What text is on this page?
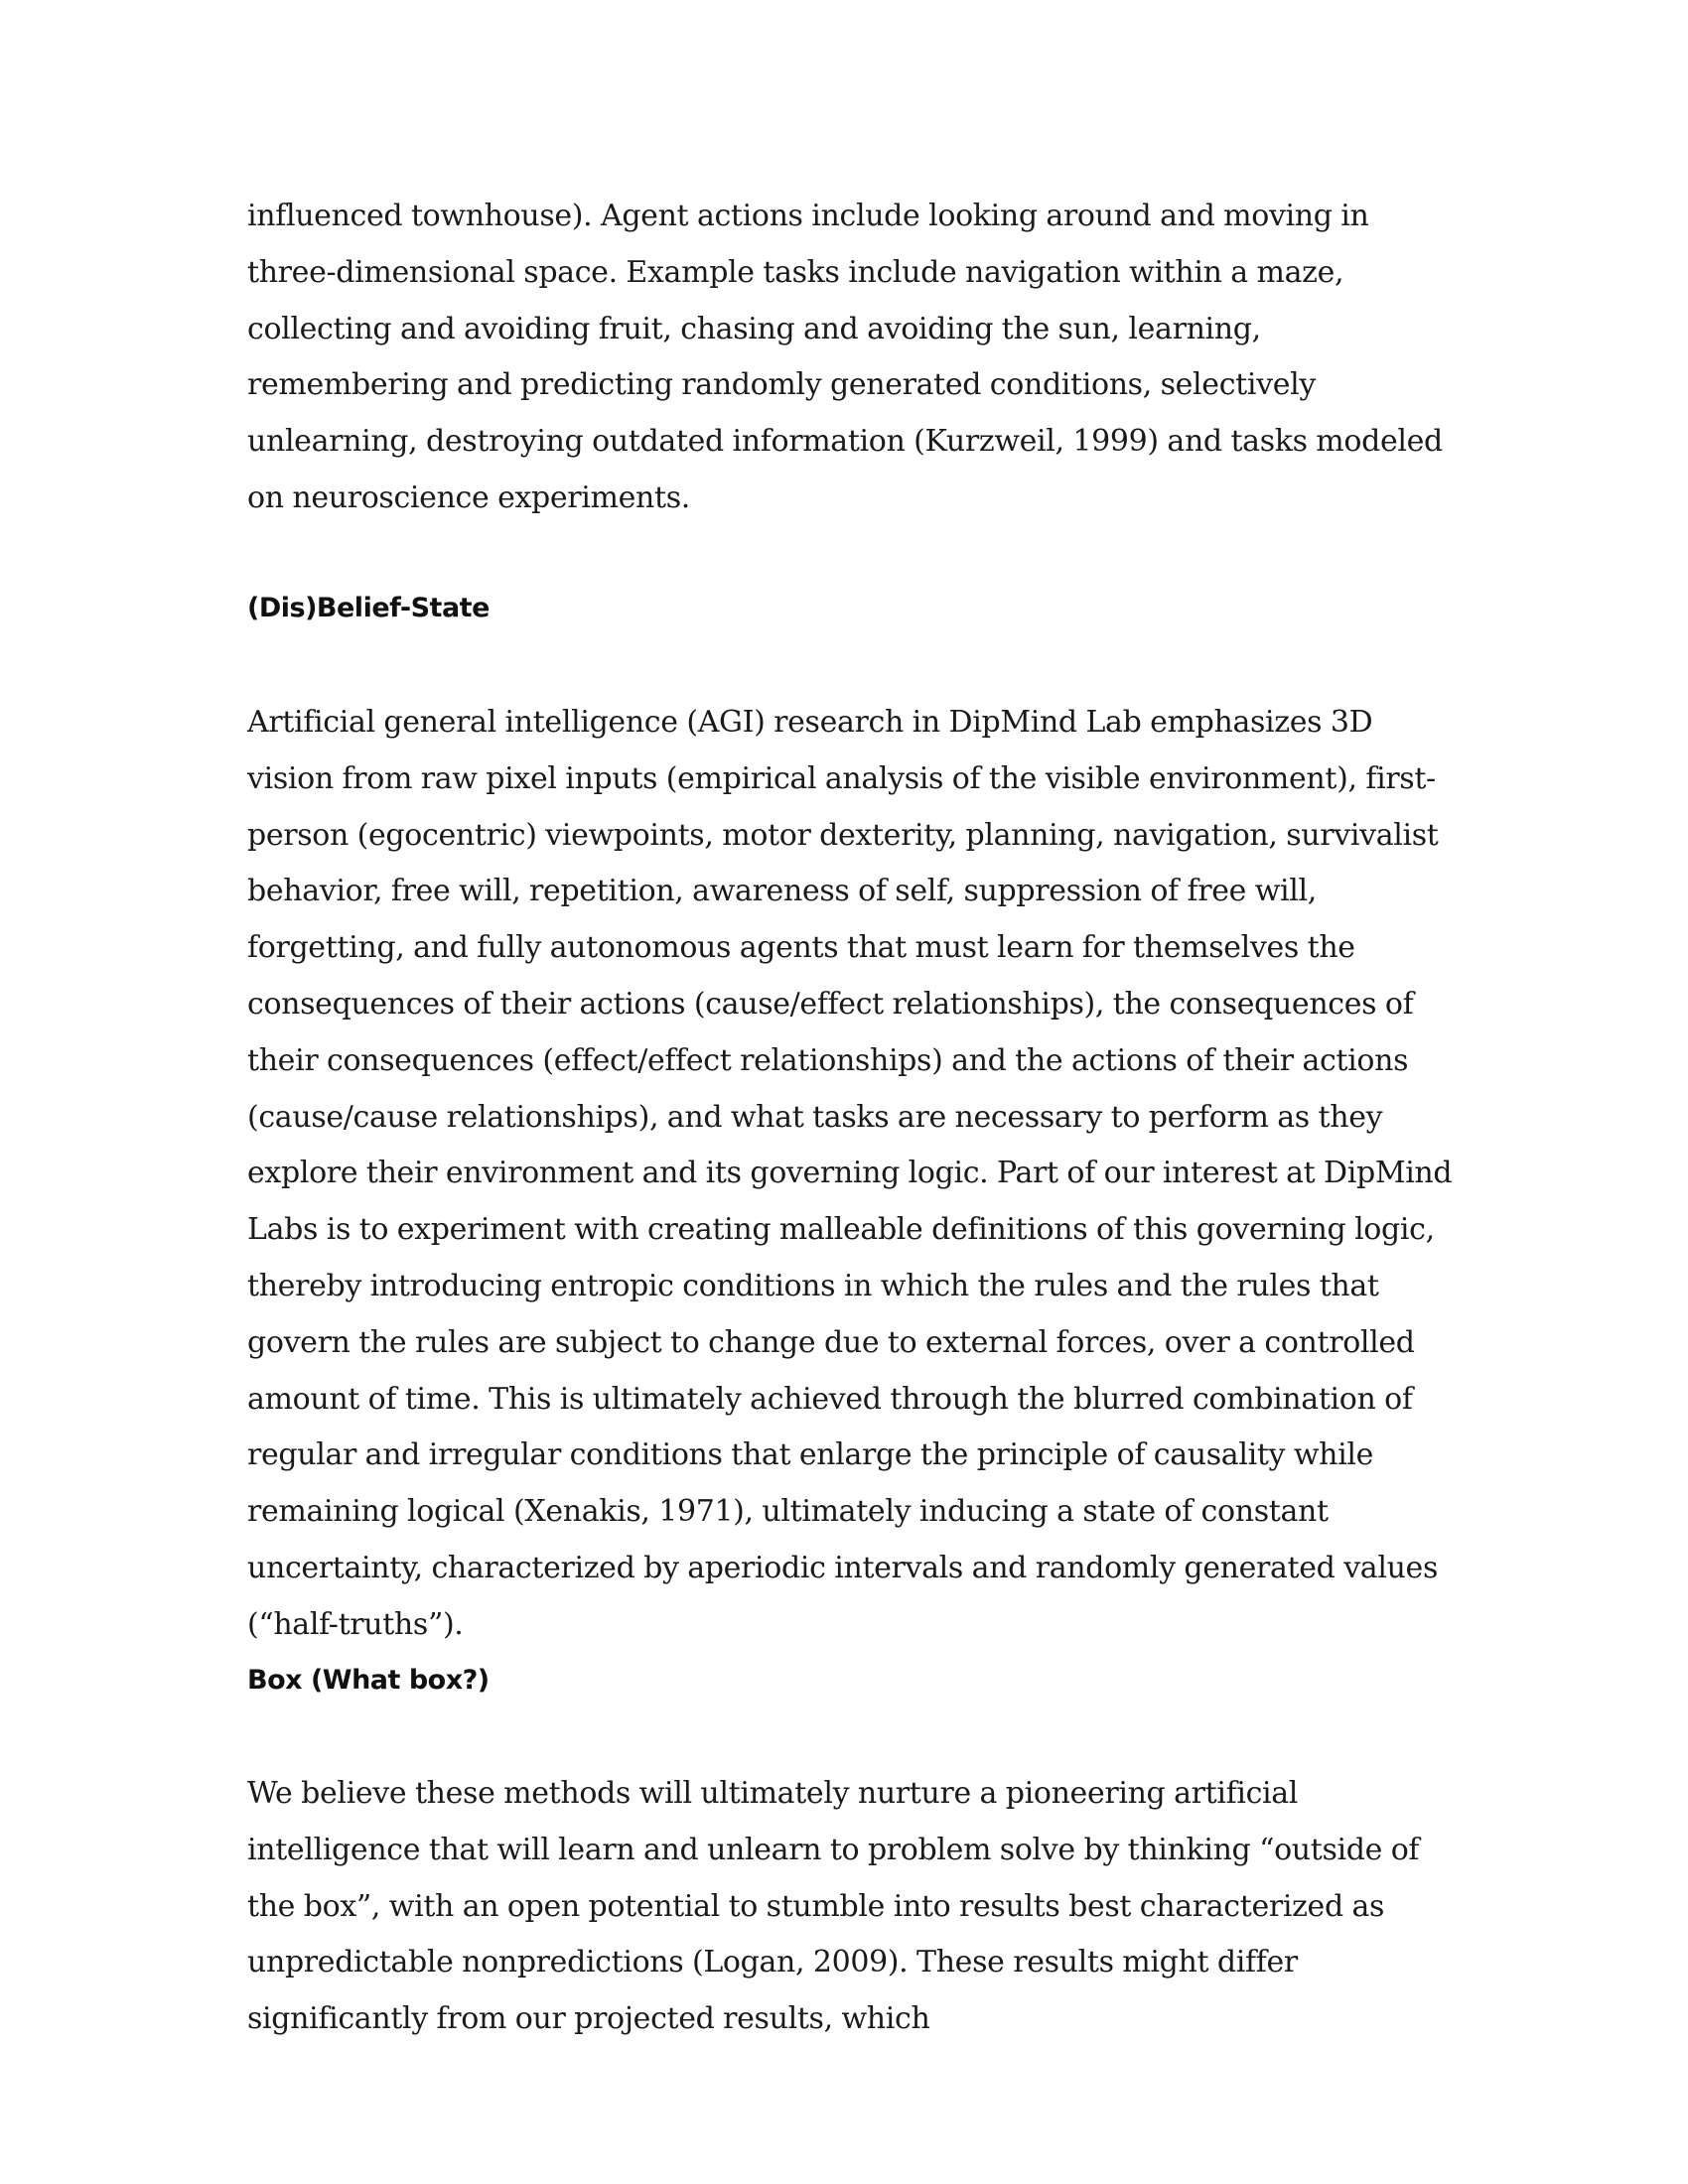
influenced townhouse). Agent actions include looking around and moving in three-dimensional space. Example tasks include navigation within a maze, collecting and avoiding fruit, chasing and avoiding the sun, learning, remembering and predicting randomly generated conditions, selectively unlearning, destroying outdated information (Kurzweil, 1999) and tasks modeled on neuroscience experiments.

(Dis)Belief-State

Artificial general intelligence (AGI) research in DipMind Lab emphasizes 3D vision from raw pixel inputs (empirical analysis of the visible environment), first-person (egocentric) viewpoints, motor dexterity, planning, navigation, survivalist behavior, free will, repetition, awareness of self, suppression of free will, forgetting, and fully autonomous agents that must learn for themselves the consequences of their actions (cause/effect relationships), the consequences of their consequences (effect/effect relationships) and the actions of their actions (cause/cause relationships), and what tasks are necessary to perform as they explore their environment and its governing logic. Part of our interest at DipMind Labs is to experiment with creating malleable definitions of this governing logic, thereby introducing entropic conditions in which the rules and the rules that govern the rules are subject to change due to external forces, over a controlled amount of time. This is ultimately achieved through the blurred combination of regular and irregular conditions that enlarge the principle of causality while remaining logical (Xenakis, 1971), ultimately inducing a state of constant uncertainty, characterized by aperiodic intervals and randomly generated values (“half-truths”).

Box (What box?)

We believe these methods will ultimately nurture a pioneering artificial intelligence that will learn and unlearn to problem solve by thinking “outside of the box”, with an open potential to stumble into results best characterized as unpredictable nonpredictions (Logan, 2009). These results might differ significantly from our projected results, which
